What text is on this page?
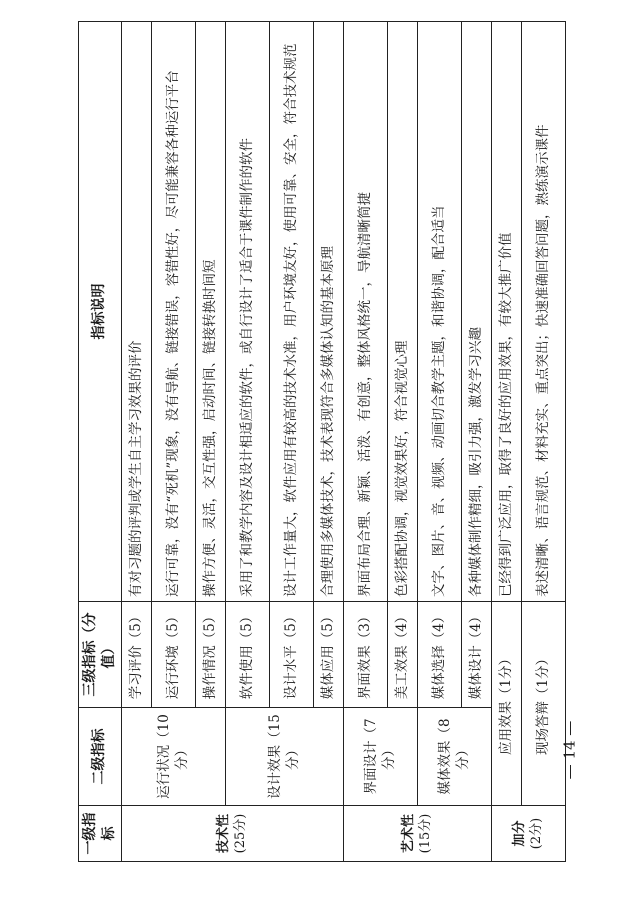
一级指标	二级指标	三级指标（分值）	指标说明

技术性 (25分)	运行状况（10分）	学习评价（5）	有对习题的评判或学生自主学习效果的评价
		运行环境（5）	运行可靠，没有“死机”现象，没有导航、链接错误，容错性好，尽可能兼容各种运行平台
		操作情况（5）	操作方便、灵活，交互性强，启动时间、链接转换时间短
	设计效果（15分）	软件使用（5）	采用了和教学内容及设计相适应的软件，或自行设计了适合于课件制作的软件
		设计水平（5）	设计工作量大，软件应用有较高的技术水准，用户环境友好，使用可靠、安全，符合技术规范
		媒体应用（5）	合理使用多媒体技术，技术表现符合多媒体认知的基本原理

艺术性 (15分)	界面设计（7分）	界面效果（3）	界面布局合理、新颖、活泼、有创意，整体风格统一，导航清晰简捷
		美工效果（4）	色彩搭配协调，视觉效果好，符合视觉心理
	媒体效果（8分）	媒体选择（4）	文字、图片、音、视频、动画切合教学主题，和谐协调，配合适当
		媒体设计（4）	各种媒体制作精细，吸引力强，激发学习兴趣

加分 (2分)	应用效果（1分）		已经得到广泛应用，取得了良好的应用效果，有较大推广价值
	现场答辩（1分）		表述清晰、语言规范、材料充实、重点突出；快速准确回答问题，熟练演示课件
— 14 —
